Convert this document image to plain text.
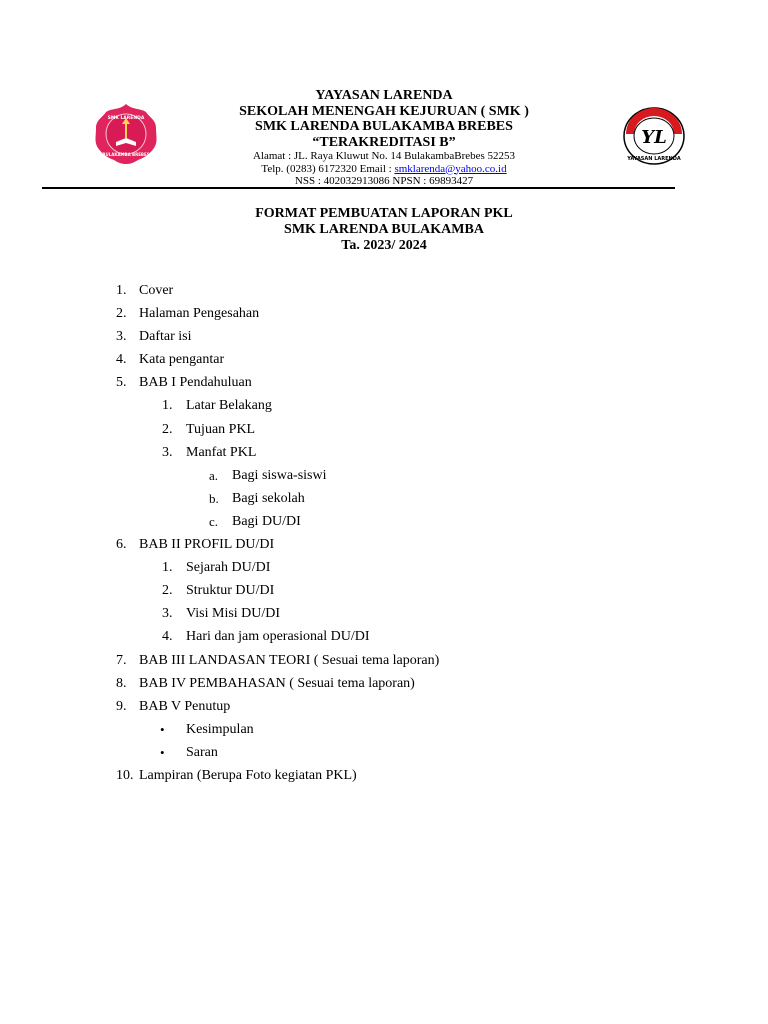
SMK LARENDA
BULAKAMBA BREBES
YL
YAYASAN LARENDA
YAYASAN LARENDA
SEKOLAH MENENGAH KEJURUAN ( SMK )
SMK LARENDA BULAKAMBA BREBES
“TERAKREDITASI B”
Alamat : JL. Raya Kluwut No. 14 BulakambaBrebes 52253
Telp. (0283) 6172320 Email : smklarenda@yahoo.co.id
NSS : 402032913086 NPSN : 69893427
FORMAT PEMBUATAN LAPORAN PKL
SMK LARENDA BULAKAMBA
Ta. 2023/ 2024
1. Cover
2. Halaman Pengesahan
3. Daftar isi
4. Kata pengantar
5. BAB I Pendahuluan
1. Latar Belakang
2. Tujuan PKL
3. Manfat PKL
a. Bagi siswa-siswi
b. Bagi sekolah
c. Bagi DU/DI
6. BAB II PROFIL DU/DI
1. Sejarah DU/DI
2. Struktur DU/DI
3. Visi Misi DU/DI
4. Hari dan jam operasional DU/DI
7. BAB III LANDASAN TEORI ( Sesuai tema laporan)
8. BAB IV PEMBAHASAN ( Sesuai tema laporan)
9. BAB V Penutup
• Kesimpulan
• Saran
10. Lampiran (Berupa Foto kegiatan PKL)
